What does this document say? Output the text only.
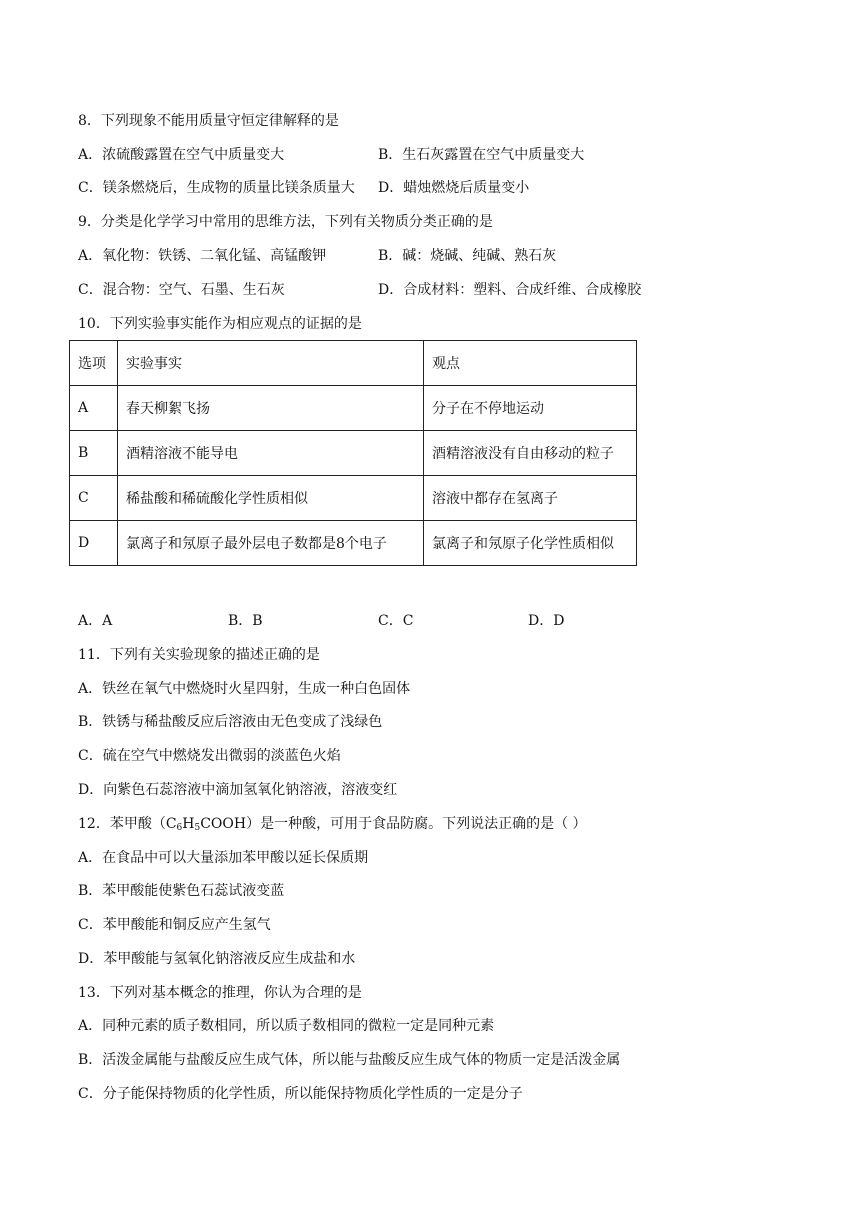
8．下列现象不能用质量守恒定律解释的是
A．浓硫酸露置在空气中质量变大	B．生石灰露置在空气中质量变大
C．镁条燃烧后，生成物的质量比镁条质量大 D．蜡烛燃烧后质量变小
9．分类是化学学习中常用的思维方法，下列有关物质分类正确的是
A．氧化物：铁锈、二氧化锰、高锰酸钾	B．碱：烧碱、纯碱、熟石灰
C．混合物：空气、石墨、生石灰	D．合成材料：塑料、合成纤维、合成橡胶
10．下列实验事实能作为相应观点的证据的是
选项	实验事实	观点
A	春天柳絮飞扬	分子在不停地运动
B	酒精溶液不能导电	酒精溶液没有自由移动的粒子
C	稀盐酸和稀硫酸化学性质相似	溶液中都存在氢离子
D	氯离子和氖原子最外层电子数都是8个电子	氯离子和氖原子化学性质相似
A．A	B．B	C．C	D．D
11．下列有关实验现象的描述正确的是
A．铁丝在氧气中燃烧时火星四射，生成一种白色固体
B．铁锈与稀盐酸反应后溶液由无色变成了浅绿色
C．硫在空气中燃烧发出微弱的淡蓝色火焰
D．向紫色石蕊溶液中滴加氢氧化钠溶液，溶液变红
12．苯甲酸$(C_6H_5COOH)$是一种酸，可用于食品防腐。下列说法正确的是（ ）
A．在食品中可以大量添加苯甲酸以延长保质期
B．苯甲酸能使紫色石蕊试液变蓝
C．苯甲酸能和铜反应产生氢气
D．苯甲酸能与氢氧化钠溶液反应生成盐和水
13．下列对基本概念的推理，你认为合理的是
A．同种元素的质子数相同，所以质子数相同的微粒一定是同种元素
B．活泼金属能与盐酸反应生成气体，所以能与盐酸反应生成气体的物质一定是活泼金属
C．分子能保持物质的化学性质，所以能保持物质化学性质的一定是分子
